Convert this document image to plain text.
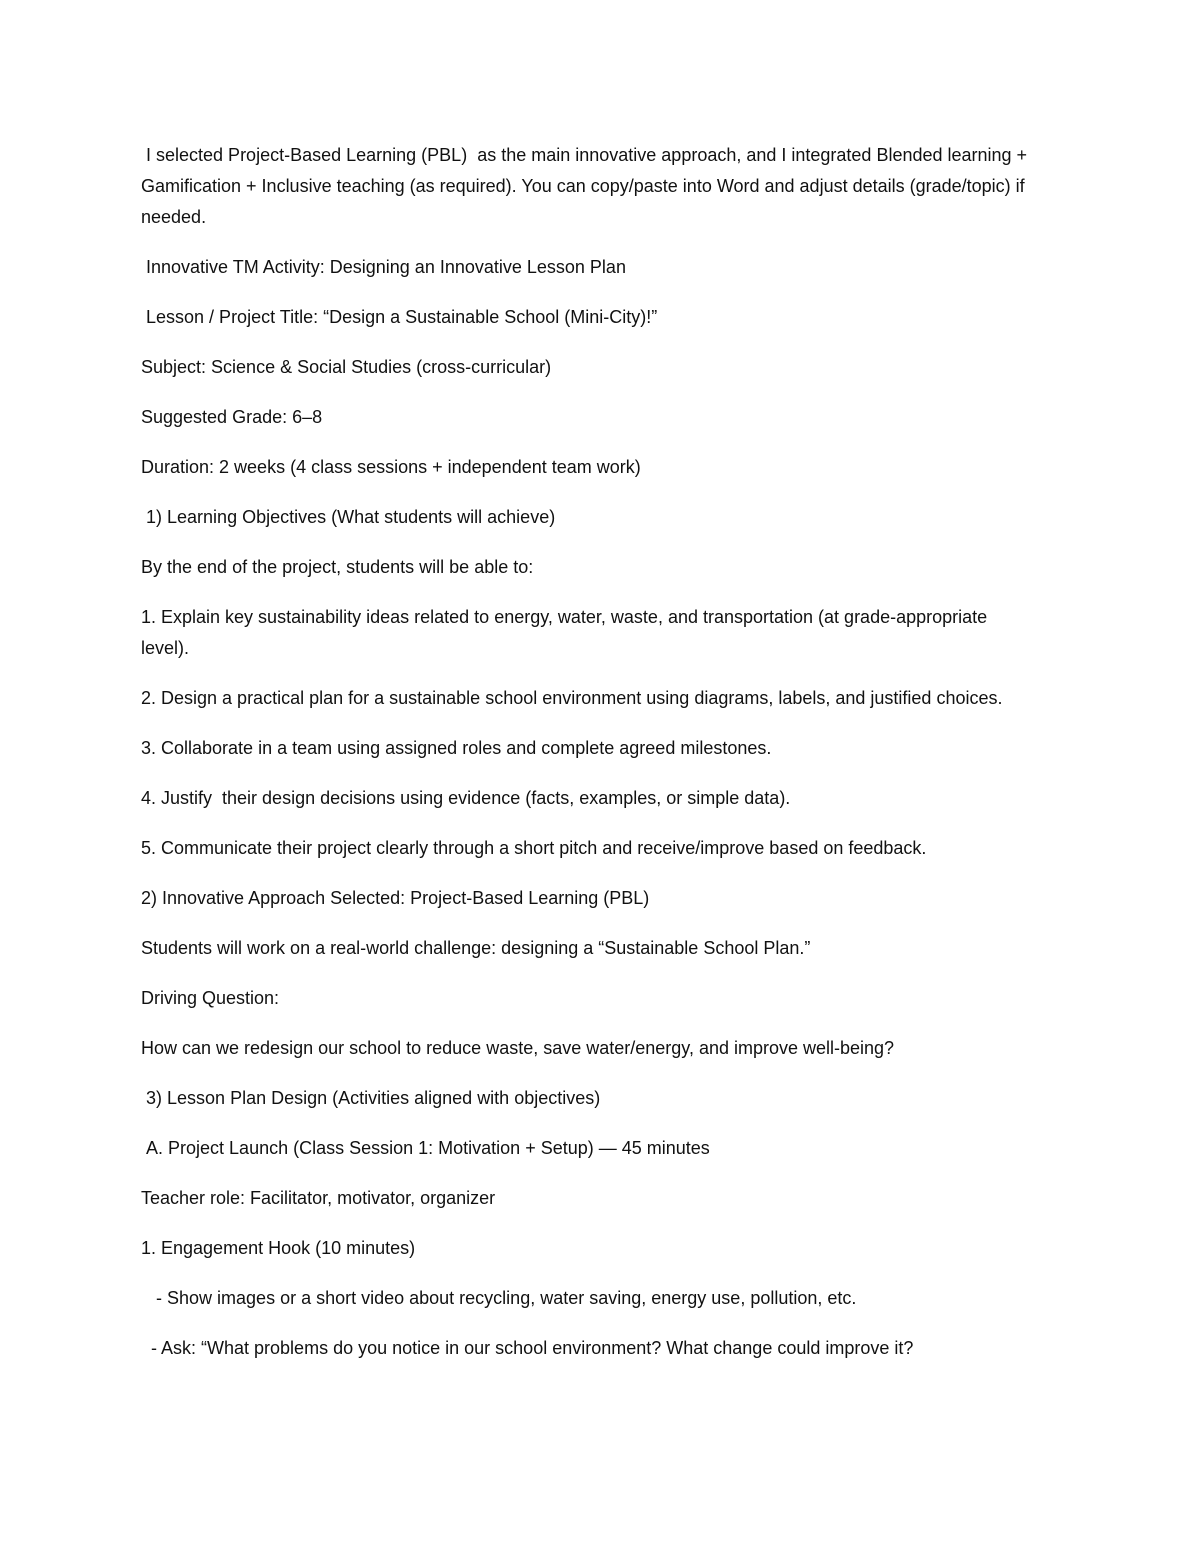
I selected Project-Based Learning (PBL)  as the main innovative approach, and I integrated Blended learning + Gamification + Inclusive teaching (as required). You can copy/paste into Word and adjust details (grade/topic) if needed.

Innovative TM Activity: Designing an Innovative Lesson Plan

Lesson / Project Title: “Design a Sustainable School (Mini-City)!”

Subject: Science & Social Studies (cross-curricular)

Suggested Grade: 6–8

Duration: 2 weeks (4 class sessions + independent team work)

1) Learning Objectives (What students will achieve)

By the end of the project, students will be able to:

1. Explain key sustainability ideas related to energy, water, waste, and transportation (at grade-appropriate level).

2. Design a practical plan for a sustainable school environment using diagrams, labels, and justified choices.

3. Collaborate in a team using assigned roles and complete agreed milestones.

4. Justify  their design decisions using evidence (facts, examples, or simple data).

5. Communicate their project clearly through a short pitch and receive/improve based on feedback.

2) Innovative Approach Selected: Project-Based Learning (PBL)

Students will work on a real-world challenge: designing a “Sustainable School Plan.”

Driving Question:

How can we redesign our school to reduce waste, save water/energy, and improve well-being?

3) Lesson Plan Design (Activities aligned with objectives)

A. Project Launch (Class Session 1: Motivation + Setup) — 45 minutes

Teacher role: Facilitator, motivator, organizer

1. Engagement Hook (10 minutes)

- Show images or a short video about recycling, water saving, energy use, pollution, etc.

- Ask: “What problems do you notice in our school environment? What change could improve it?
